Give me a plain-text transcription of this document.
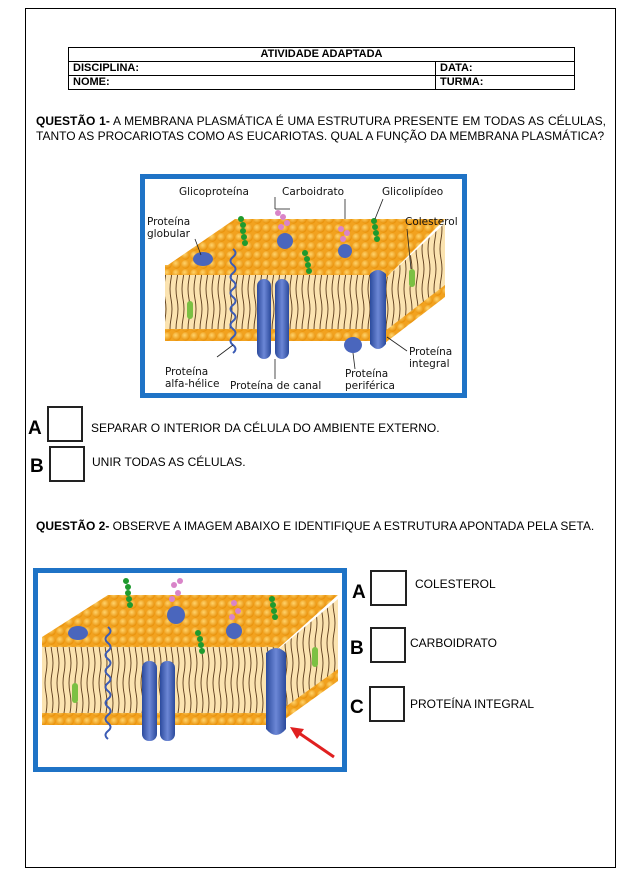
ATIVIDADE ADAPTADA	
DISCIPLINA:	DATA:
NOME:	TURMA:
QUESTÃO 1- A MEMBRANA PLASMÁTICA É UMA ESTRUTURA PRESENTE EM TODAS AS CÉLULAS, TANTO AS PROCARIOTAS COMO AS EUCARIOTAS. QUAL A FUNÇÃO DA MEMBRANA PLASMÁTICA?
Glicoproteína	Carboidrato	Glicolipídeo
Proteína
globular
Colesterol
Proteína
integral
Proteína
alfa-hélice Proteína de canal
Proteína
periférica
A	SEPARAR O INTERIOR DA CÉLULA DO AMBIENTE EXTERNO.
B	UNIR TODAS AS CÉLULAS.
QUESTÃO 2- OBSERVE A IMAGEM ABAIXO E IDENTIFIQUE A ESTRUTURA APONTADA PELA SETA.
A	COLESTEROL
B	CARBOIDRATO
C	PROTEÍNA INTEGRAL
